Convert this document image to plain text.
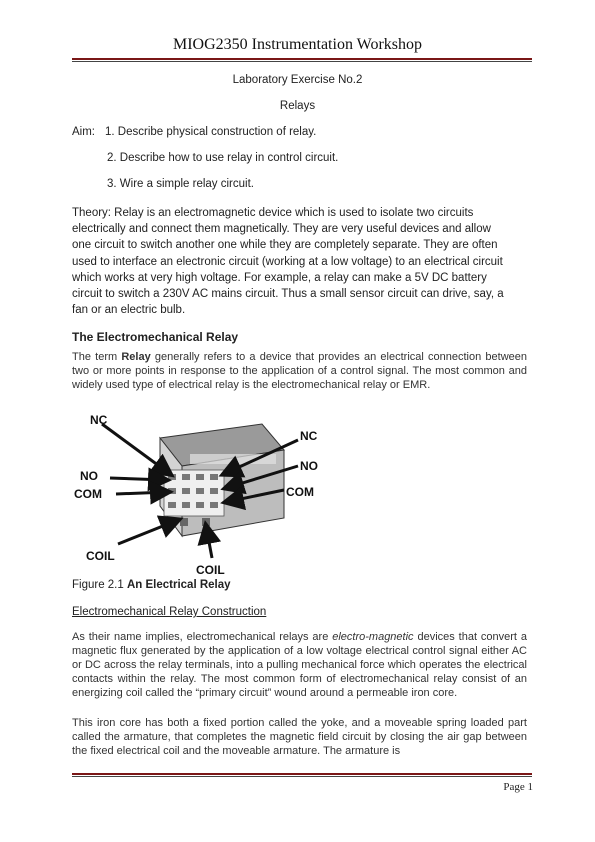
MIOG2350 Instrumentation Workshop
Laboratory Exercise No.2
Relays
Aim: 1. Describe physical construction of relay.
2. Describe how to use relay in control circuit.
3. Wire a simple relay circuit.
Theory: Relay is an electromagnetic device which is used to isolate two circuits
electrically and connect them magnetically. They are very useful devices and allow
one circuit to switch another one while they are completely separate. They are often
used to interface an electronic circuit (working at a low voltage) to an electrical circuit
which works at very high voltage. For example, a relay can make a 5V DC battery
circuit to switch a 230V AC mains circuit. Thus a small sensor circuit can drive, say, a
fan or an electric bulb.
The Electromechanical Relay
The term Relay generally refers to a device that provides an electrical connection between two or more points in response to the application of a control signal. The most common and widely used type of electrical relay is the electromechanical relay or EMR.
NC
NO
COM
COIL
NC
NO
COM
COIL
Figure 2.1 An Electrical Relay
Electromechanical Relay Construction
As their name implies, electromechanical relays are electro-magnetic devices that convert a magnetic flux generated by the application of a low voltage electrical control signal either AC or DC across the relay terminals, into a pulling mechanical force which operates the electrical contacts within the relay. The most common form of electromechanical relay consist of an energizing coil called the “primary circuit” wound around a permeable iron core.
This iron core has both a fixed portion called the yoke, and a moveable spring loaded part called the armature, that completes the magnetic field circuit by closing the air gap between the fixed electrical coil and the moveable armature. The armature is
Page 1
